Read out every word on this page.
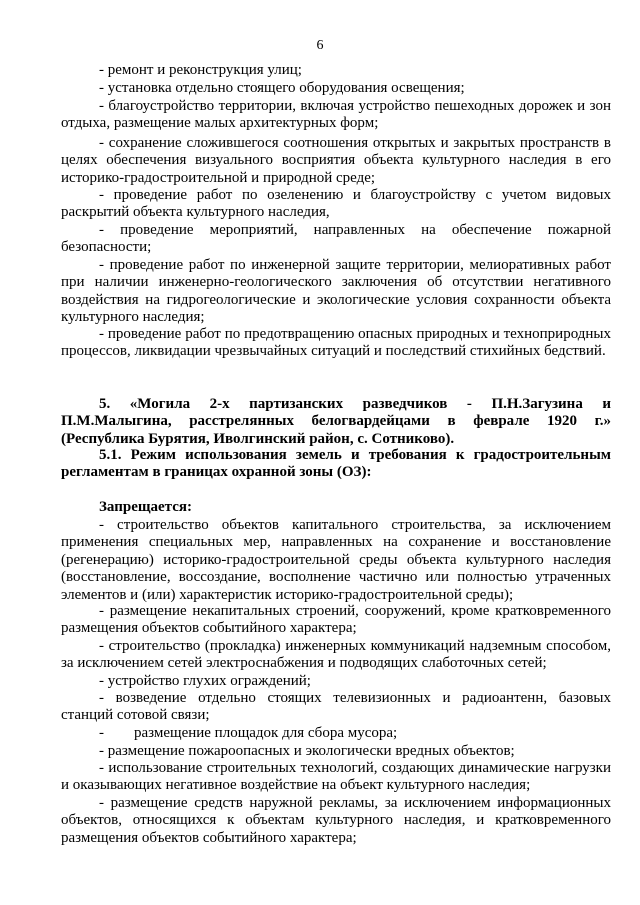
6

- ремонт и реконструкция улиц;

- установка отдельно стоящего оборудования освещения;

- благоустройство территории, включая устройство пешеходных дорожек и зон отдыха, размещение малых архитектурных форм;

- сохранение сложившегося соотношения открытых и закрытых пространств в целях обеспечения визуального восприятия объекта культурного наследия в его историко-градостроительной и природной среде;

- проведение работ по озеленению и благоустройству с учетом видовых раскрытий объекта культурного наследия,

- проведение мероприятий, направленных на обеспечение пожарной безопасности;

- проведение работ по инженерной защите территории, мелиоративных работ при наличии инженерно-геологического заключения об отсутствии негативного воздействия на гидрогеологические и экологические условия сохранности объекта культурного наследия;

- проведение работ по предотвращению опасных природных и технoприродных процессов, ликвидации чрезвычайных ситуаций и последствий стихийных бедствий.

5. «Могила 2-х партизанских разведчиков - П.Н.Загузина и П.М.Малыгина, расстрелянных белогвардейцами в феврале 1920 г.» (Республика Бурятия, Иволгинский район, с. Сотниково).

5.1. Режим использования земель и требования к градостроительным регламентам в границах охранной зоны (ОЗ):

Запрещается:

- строительство объектов капитального строительства, за исключением применения специальных мер, направленных на сохранение и восстановление (регенерацию) историко-градостроительной среды объекта культурного наследия (восстановление, воссоздание, восполнение частично или полностью утраченных элементов и (или) характеристик историко-градостроительной среды);

- размещение некапитальных строений, сооружений, кроме кратковременного размещения объектов событийного характера;

- строительство (прокладка) инженерных коммуникаций надземным способом, за исключением сетей электроснабжения и подводящих слаботочных сетей;

- устройство глухих ограждений;

- возведение отдельно стоящих телевизионных и радиоантенн, базовых станций сотовой связи;

-        размещение площадок для сбора мусора;

- размещение пожароопасных и экологически вредных объектов;

- использование строительных технологий, создающих динамические нагрузки и оказывающих негативное воздействие на объект культурного наследия;

- размещение средств наружной рекламы, за исключением информационных объектов, относящихся к объектам культурного наследия, и кратковременного размещения объектов событийного характера;
